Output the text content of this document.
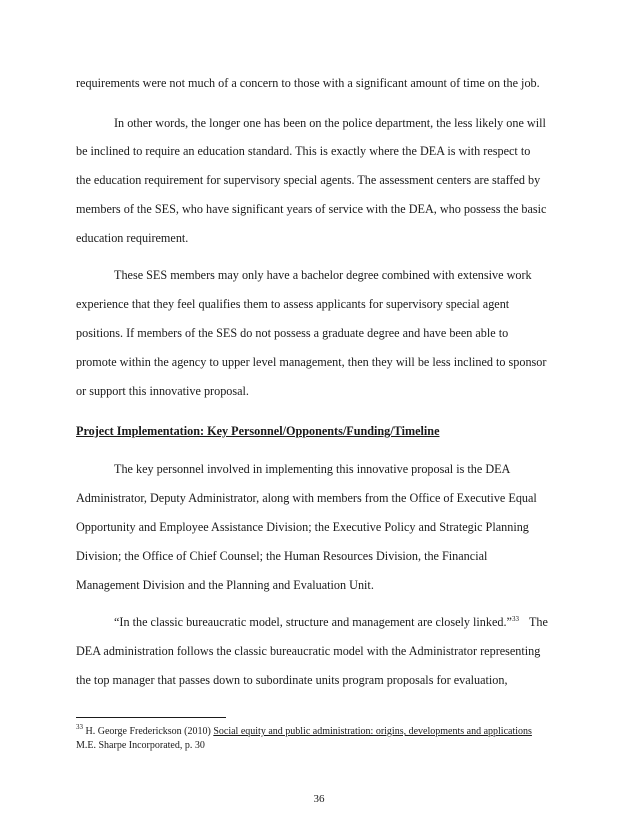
requirements were not much of a concern to those with a significant amount of time on the job.
In other words, the longer one has been on the police department, the less likely one will
be inclined to require an education standard. This is exactly where the DEA is with respect to
the education requirement for supervisory special agents. The assessment centers are staffed by
members of the SES, who have significant years of service with the DEA, who possess the basic
education requirement.
These SES members may only have a bachelor degree combined with extensive work
experience that they feel qualifies them to assess applicants for supervisory special agent
positions. If members of the SES do not possess a graduate degree and have been able to
promote within the agency to upper level management, then they will be less inclined to sponsor
or support this innovative proposal.
Project Implementation: Key Personnel/Opponents/Funding/Timeline
The key personnel involved in implementing this innovative proposal is the DEA
Administrator, Deputy Administrator, along with members from the Office of Executive Equal
Opportunity and Employee Assistance Division; the Executive Policy and Strategic Planning
Division; the Office of Chief Counsel; the Human Resources Division, the Financial
Management Division and the Planning and Evaluation Unit.
“In the classic bureaucratic model, structure and management are closely linked.”$^{33}$ The
DEA administration follows the classic bureaucratic model with the Administrator representing
the top manager that passes down to subordinate units program proposals for evaluation,
$^{33}$ H. George Frederickson (2010) Social equity and public administration: origins, developments and applications
M.E. Sharpe Incorporated, p. 30
36
